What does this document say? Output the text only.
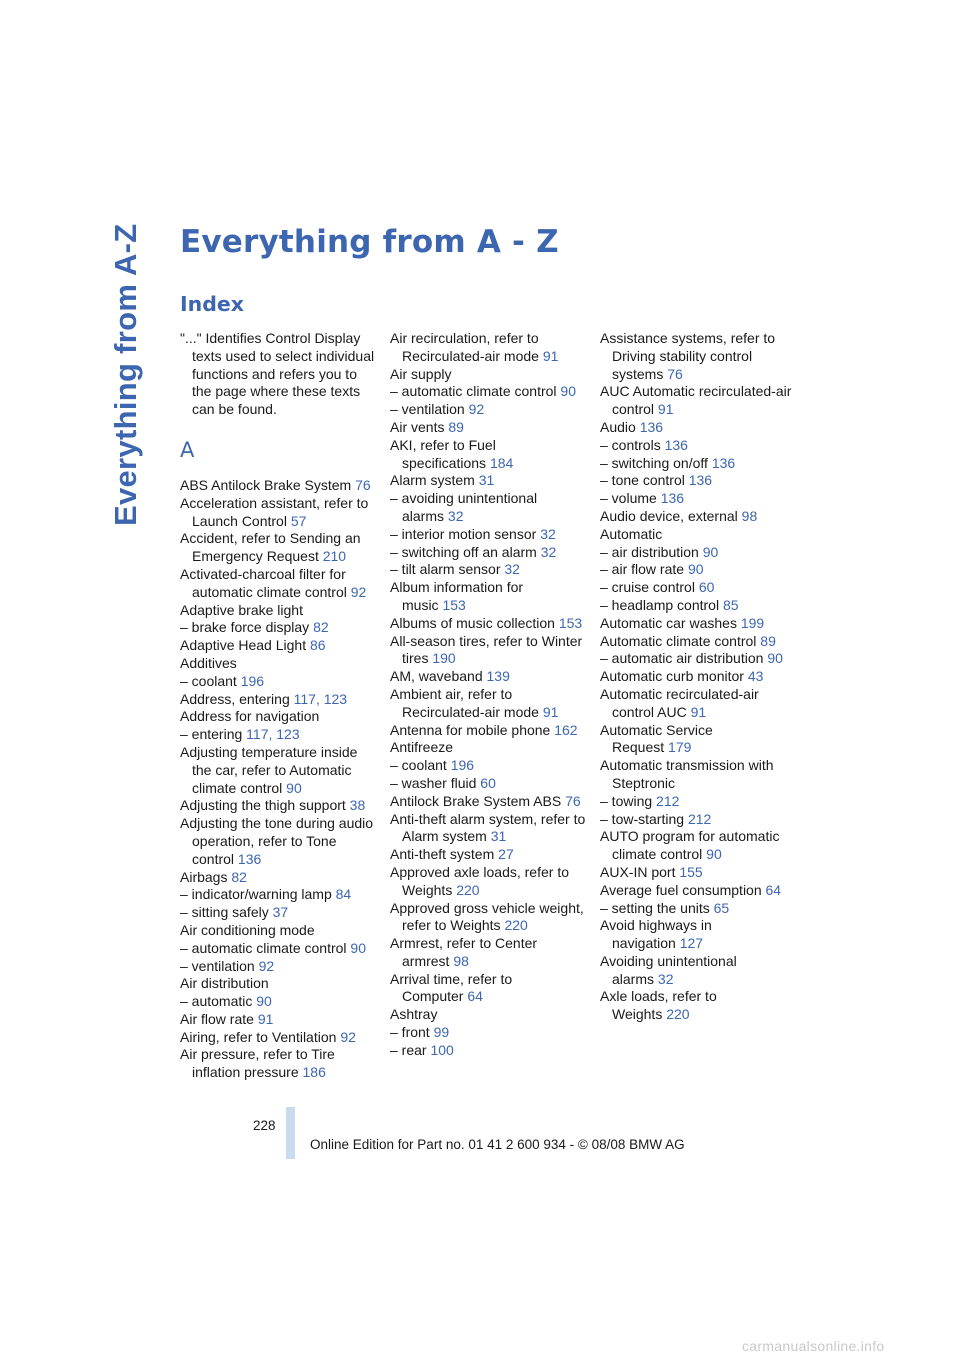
Everything from A-Z Everything from A - Z
Index
"..." Identifies Control Display texts used to select individual functions and refers you to the page where these texts can be found.
A
ABS Antilock Brake System 76
Acceleration assistant, refer to Launch Control 57
Accident, refer to Sending an Emergency Request 210
Activated-charcoal filter for automatic climate control 92
Adaptive brake light
– brake force display 82
Adaptive Head Light 86
Additives
– coolant 196
Address, entering 117, 123
Address for navigation
– entering 117, 123
Adjusting temperature inside the car, refer to Automatic climate control 90
Adjusting the thigh support 38
Adjusting the tone during audio operation, refer to Tone control 136
Airbags 82
– indicator/warning lamp 84
– sitting safely 37
Air conditioning mode
– automatic climate control 90
– ventilation 92
Air distribution
– automatic 90
Air flow rate 91
Airing, refer to Ventilation 92
Air pressure, refer to Tire inflation pressure 186
Air recirculation, refer to Recirculated-air mode 91
Air supply
– automatic climate control 90
– ventilation 92
Air vents 89
AKI, refer to Fuel specifications 184
Alarm system 31
– avoiding unintentional alarms 32
– interior motion sensor 32
– switching off an alarm 32
– tilt alarm sensor 32
Album information for music 153
Albums of music collection 153
All-season tires, refer to Winter tires 190
AM, waveband 139
Ambient air, refer to Recirculated-air mode 91
Antenna for mobile phone 162
Antifreeze
– coolant 196
– washer fluid 60
Antilock Brake System ABS 76
Anti-theft alarm system, refer to Alarm system 31
Anti-theft system 27
Approved axle loads, refer to Weights 220
Approved gross vehicle weight, refer to Weights 220
Armrest, refer to Center armrest 98
Arrival time, refer to Computer 64
Ashtray
– front 99
– rear 100
Assistance systems, refer to Driving stability control systems 76
AUC Automatic recirculated-air control 91
Audio 136
– controls 136
– switching on/off 136
– tone control 136
– volume 136
Audio device, external 98
Automatic
– air distribution 90
– air flow rate 90
– cruise control 60
– headlamp control 85
Automatic car washes 199
Automatic climate control 89
– automatic air distribution 90
Automatic curb monitor 43
Automatic recirculated-air control AUC 91
Automatic Service Request 179
Automatic transmission with Steptronic
– towing 212
– tow-starting 212
AUTO program for automatic climate control 90
AUX-IN port 155
Average fuel consumption 64
– setting the units 65
Avoid highways in navigation 127
Avoiding unintentional alarms 32
Axle loads, refer to Weights 220
228
Online Edition for Part no. 01 41 2 600 934 - © 08/08 BMW AG
carmanualsonline.info
